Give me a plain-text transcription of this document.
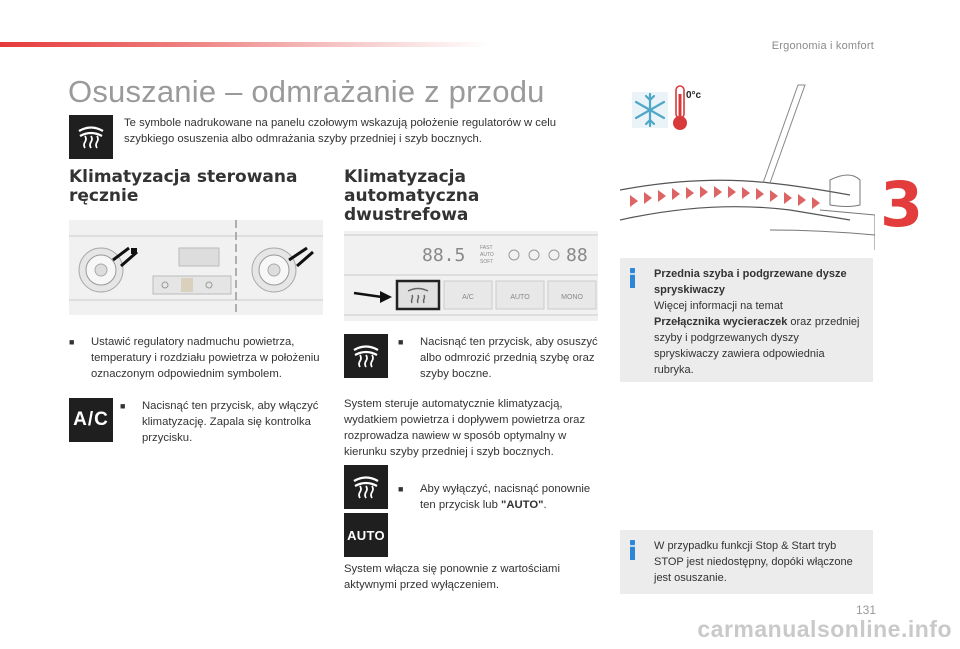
Ergonomia i komfort
3
Osuszanie – odmrażanie z przodu
Te symbole nadrukowane na panelu czołowym wskazują położenie regulatorów w celu szybkiego osuszenia albo odmrażania szyby przedniej i szyb bocznych.
0°c
Klimatyzacja sterowana
ręcznie
■	Ustawić regulatory nadmuchu powietrza, temperatury i rozdziału powietrza w położeniu oznaczonym odpowiednim symbolem.
A/C
■	Nacisnąć ten przycisk, aby włączyć klimatyzację. Zapala się kontrolka przycisku.
Klimatyzacja automatyczna
dwustrefowa
88.5	FAST
AUTO
SOFT	88
A/C	AUTO	MONO
■	Nacisnąć ten przycisk, aby osuszyć albo odmrozić przednią szybę oraz szyby boczne.
System steruje automatycznie klimatyzacją, wydatkiem powietrza i dopływem powietrza oraz rozprowadza nawiew w sposób optymalny w kierunku szyby przedniej i szyb bocznych.
■	Aby wyłączyć, nacisnąć ponownie ten przycisk lub "AUTO".
AUTO
System włącza się ponownie z wartościami aktywnymi przed wyłączeniem.
Przednia szyba i podgrzewane dysze spryskiwaczy
Więcej informacji na temat
Przełącznika wycieraczek oraz przedniej szyby i podgrzewanych dyszy spryskiwaczy zawiera odpowiednia rubryka.
W przypadku funkcji Stop & Start tryb STOP jest niedostępny, dopóki włączone jest osuszanie.
131
carmanualsonline.info
